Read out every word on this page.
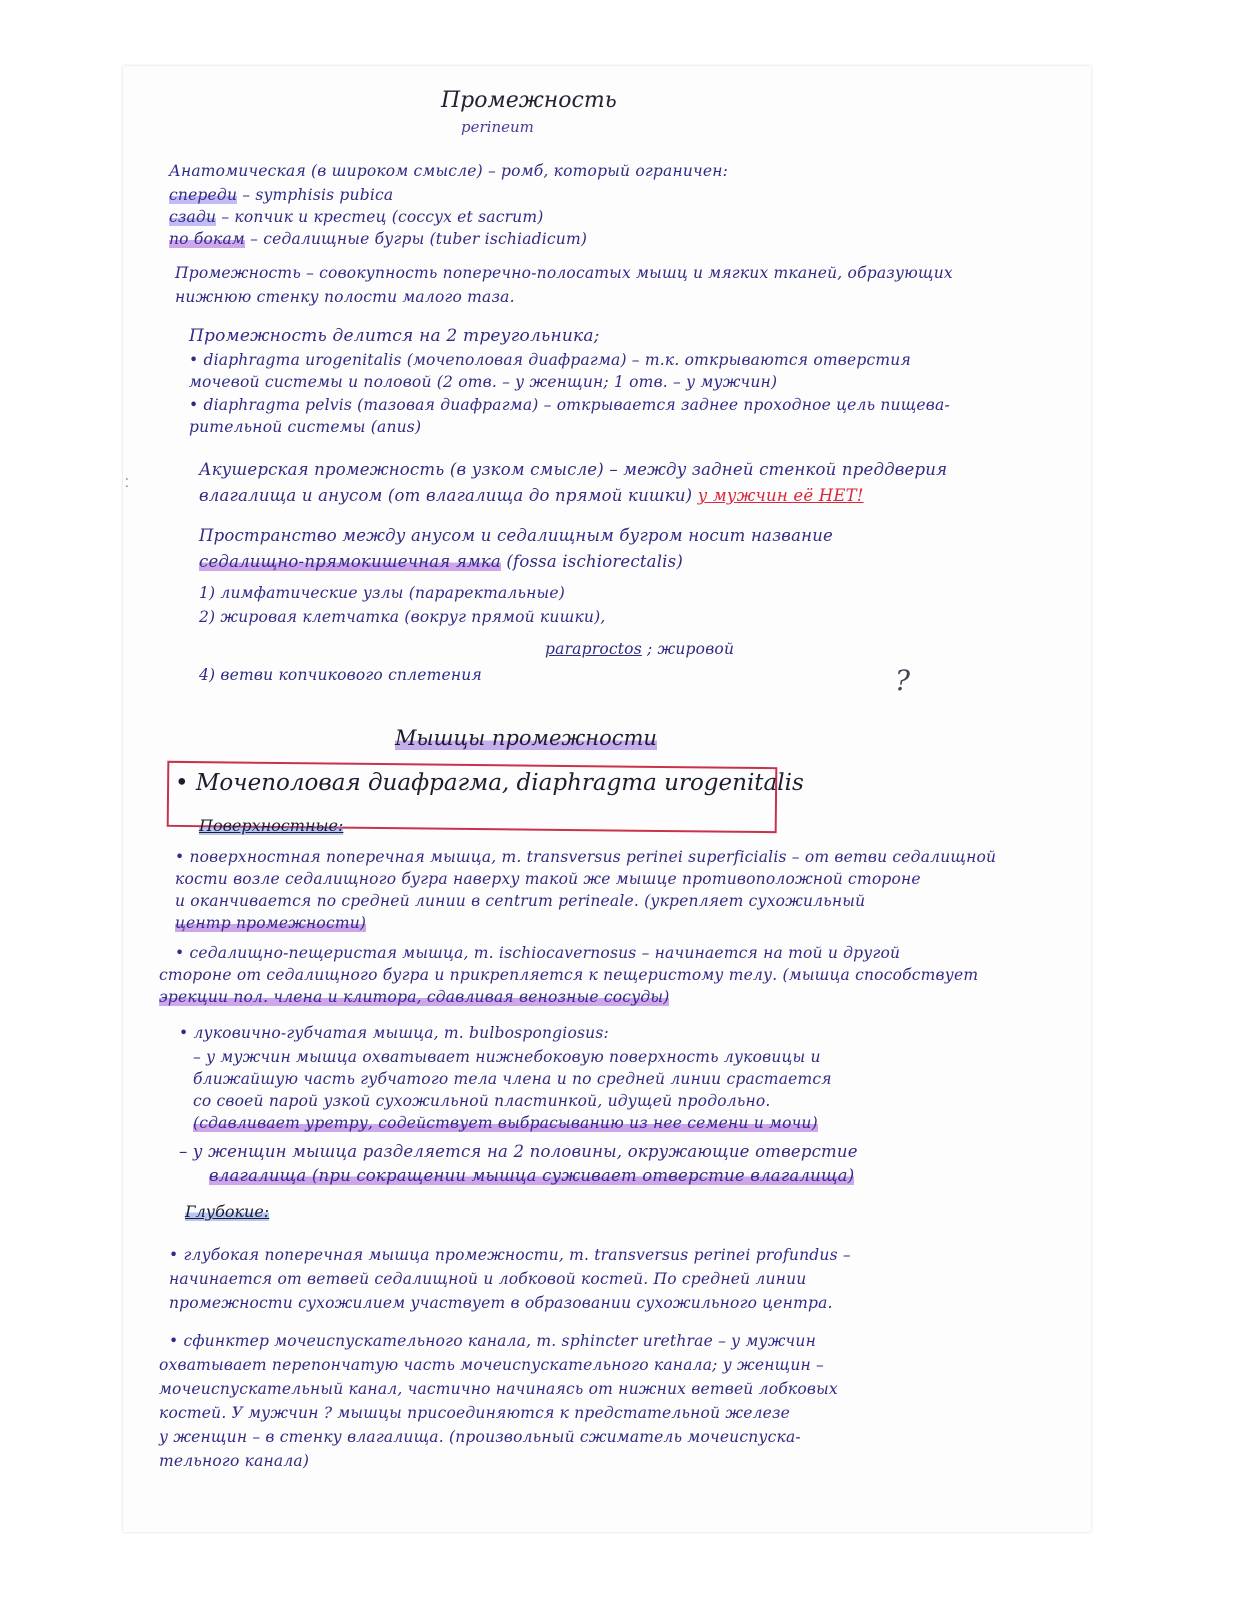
⁚
Промежность
perineum
Анатомическая (в широком смысле) – ромб, который ограничен:
спереди – symphisis pubica
сзади – копчик и крестец (coccyx et sacrum)
по бокам – седалищные бугры (tuber ischiadicum)
Промежность – совокупность поперечно-полосатых мышц и мягких тканей, образующих
нижнюю стенку полости малого таза.
Промежность делится на 2 треугольника;
• diaphragma urogenitalis (мочеполовая диафрагма) – т.к. открываются отверстия
мочевой системы и половой (2 отв. – у женщин; 1 отв. – у мужчин)
• diaphragma pelvis (тазовая диафрагма) – открывается заднее проходное цель пищева-
рительной системы (anus)
Акушерская промежность (в узком смысле) – между задней стенкой преддверия
влагалища и анусом (от влагалища до прямой кишки) у мужчин её НЕТ!
Пространство между анусом и седалищным бугром носит название
седалищно-прямокишечная ямка (fossa ischiorectalis)
1) лимфатические узлы (параректальные)
2) жировая клетчатка (вокруг прямой кишки),
paraproctos ; жировой
4) ветви копчикового сплетения	?
Мышцы промежности
• Мочеполовая диафрагма, diaphragma urogenitalis
Поверхностные:
• поверхностная поперечная мышца, m. transversus perinei superficialis – от ветви седалищной
кости возле седалищного бугра наверху такой же мышце противоположной стороне
и оканчивается по средней линии в centrum perineale. (укрепляет сухожильный
центр промежности)
• седалищно-пещеристая мышца, m. ischiocavernosus – начинается на той и другой
стороне от седалищного бугра и прикрепляется к пещеристому телу. (мышца способствует
эрекции пол. члена и клитора, сдавливая венозные сосуды)
• луковично-губчатая мышца, m. bulbospongiosus:
– у мужчин мышца охватывает нижнебоковую поверхность луковицы и
ближайшую часть губчатого тела члена и по средней линии срастается
со своей парой узкой сухожильной пластинкой, идущей продольно.
(сдавливает уретру, содействует выбрасыванию из нее семени и мочи)
– у женщин мышца разделяется на 2 половины, окружающие отверстие
влагалища (при сокращении мышца суживает отверстие влагалища)
Глубокие:
• глубокая поперечная мышца промежности, m. transversus perinei profundus –
начинается от ветвей седалищной и лобковой костей. По средней линии
промежности сухожилием участвует в образовании сухожильного центра.
• сфинктер мочеиспускательного канала, m. sphincter urethrae – у мужчин
охватывает перепончатую часть мочеиспускательного канала; у женщин –
мочеиспускательный канал, частично начинаясь от нижних ветвей лобковых
костей. У мужчин ? мышцы присоединяются к предстательной железе
у женщин – в стенку влагалища. (произвольный сжиматель мочеиспуска-
тельного канала)
